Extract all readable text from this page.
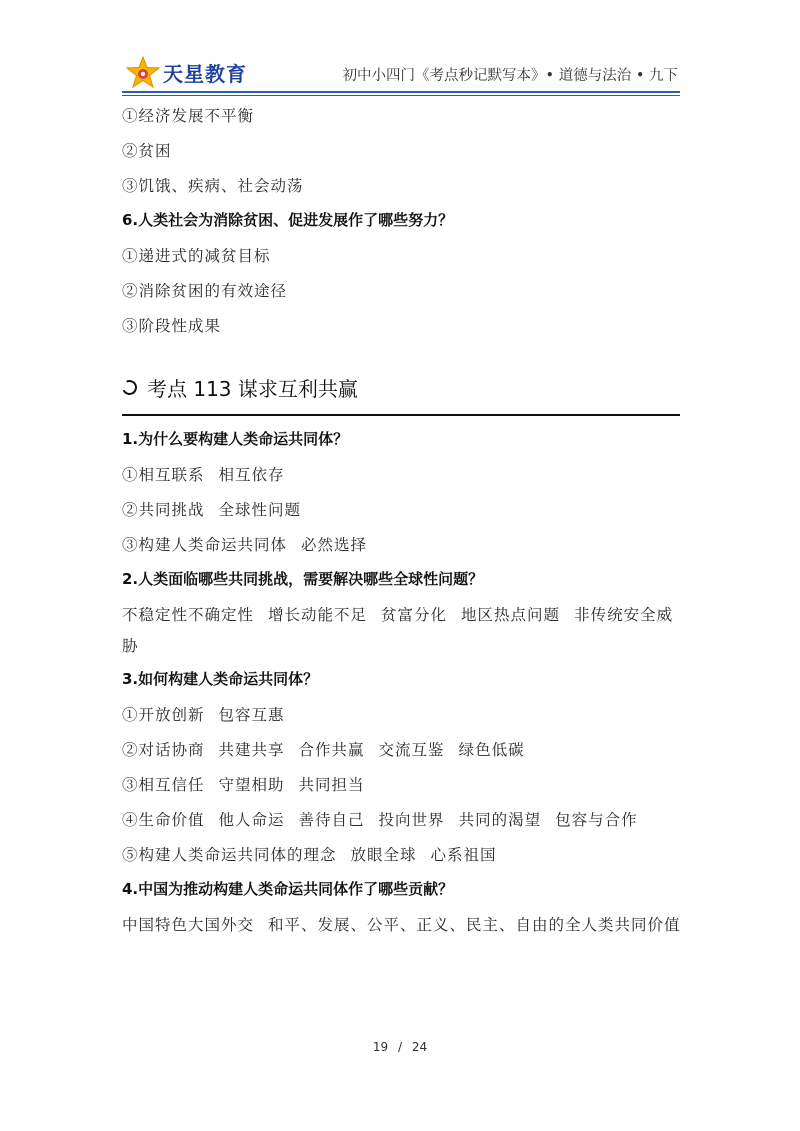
天星教育	初中小四门《考点秒记默写本》• 道德与法治 • 九下
①经济发展不平衡
②贫困
③饥饿、疾病、社会动荡
6.人类社会为消除贫困、促进发展作了哪些努力？
①递进式的减贫目标
②消除贫困的有效途径
③阶段性成果
考点 113 谋求互利共赢
1.为什么要构建人类命运共同体？
①相互联系 相互依存
②共同挑战 全球性问题
③构建人类命运共同体 必然选择
2.人类面临哪些共同挑战，需要解决哪些全球性问题？
不稳定性不确定性 增长动能不足 贫富分化 地区热点问题 非传统安全威
胁
3.如何构建人类命运共同体？
①开放创新 包容互惠
②对话协商 共建共享 合作共赢 交流互鉴 绿色低碳
③相互信任 守望相助 共同担当
④生命价值 他人命运 善待自己 投向世界 共同的渴望 包容与合作
⑤构建人类命运共同体的理念 放眼全球 心系祖国
4.中国为推动构建人类命运共同体作了哪些贡献？
中国特色大国外交 和平、发展、公平、正义、民主、自由的全人类共同价值
19 / 24
